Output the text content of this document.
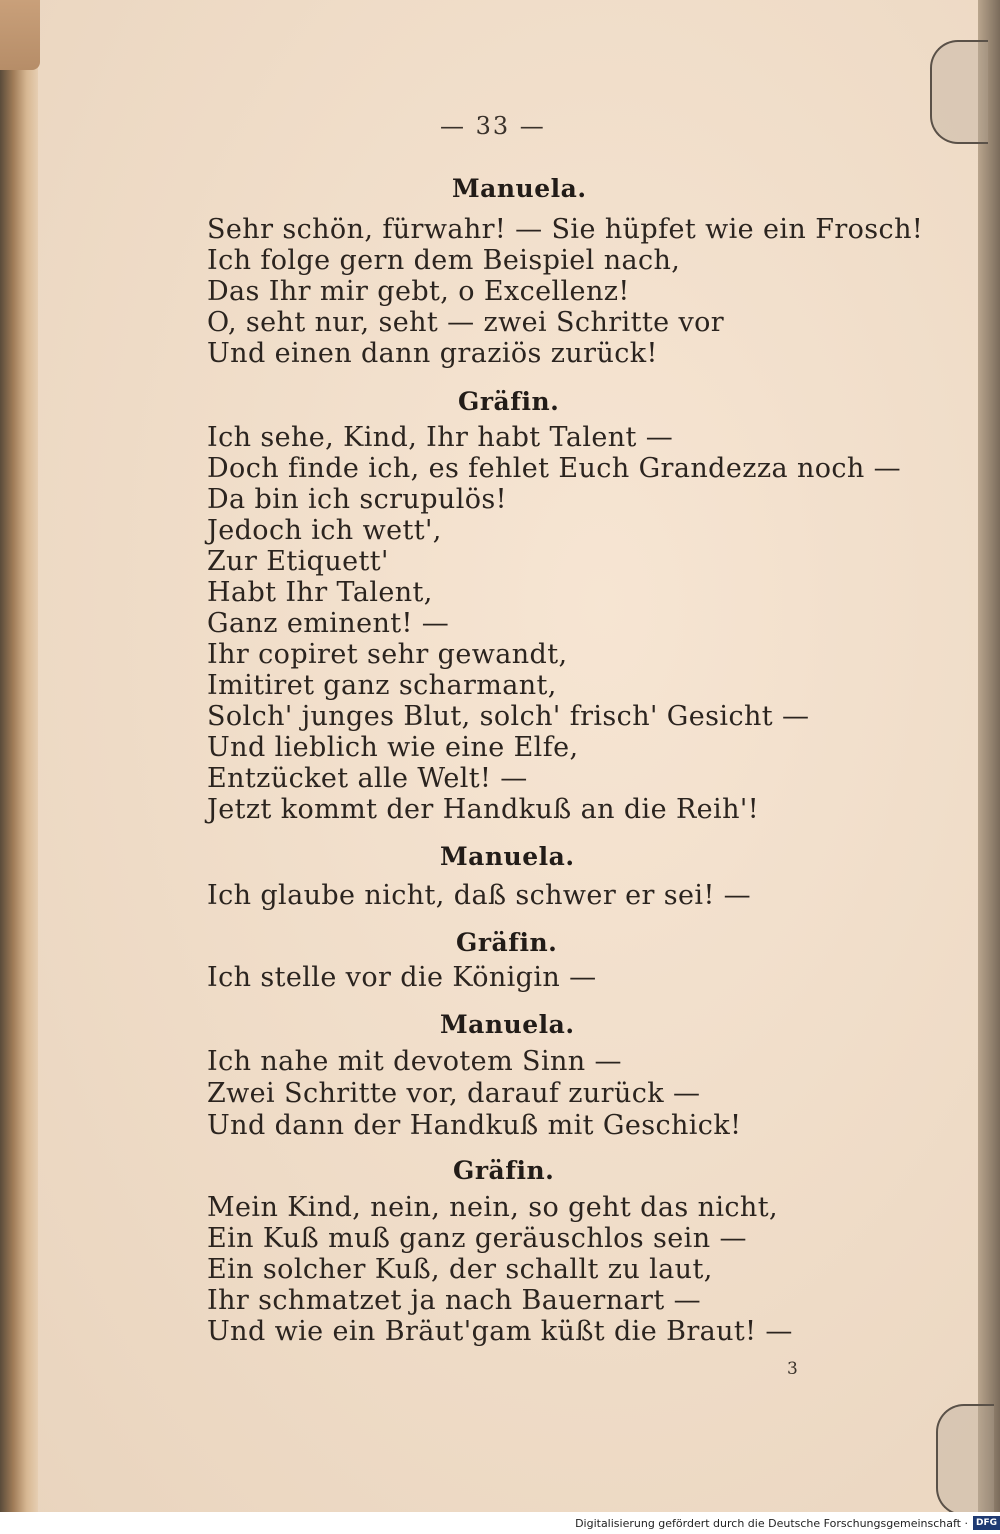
— 33 —
Manuela.
Sehr schön, fürwahr! — Sie hüpfet wie ein Frosch!
Ich folge gern dem Beispiel nach,
Das Ihr mir gebt, o Excellenz!
O, seht nur, seht — zwei Schritte vor
Und einen dann graziös zurück!
Gräfin.
Ich sehe, Kind, Ihr habt Talent —
Doch finde ich, es fehlet Euch Grandezza noch —
Da bin ich scrupulös!
Jedoch ich wett',
Zur Etiquett'
Habt Ihr Talent,
Ganz eminent! —
Ihr copiret sehr gewandt,
Imitiret ganz scharmant,
Solch' junges Blut, solch' frisch' Gesicht —
Und lieblich wie eine Elfe,
Entzücket alle Welt! —
Jetzt kommt der Handkuß an die Reih'!
Manuela.
Ich glaube nicht, daß schwer er sei! —
Gräfin.
Ich stelle vor die Königin —
Manuela.
Ich nahe mit devotem Sinn —
Zwei Schritte vor, darauf zurück —
Und dann der Handkuß mit Geschick!
Gräfin.
Mein Kind, nein, nein, so geht das nicht,
Ein Kuß muß ganz geräuschlos sein —
Ein solcher Kuß, der schallt zu laut,
Ihr schmatzet ja nach Bauernart —
Und wie ein Bräut'gam küßt die Braut! —
3
Digitalisierung gefördert durch die Deutsche Forschungsgemeinschaft · DFG
